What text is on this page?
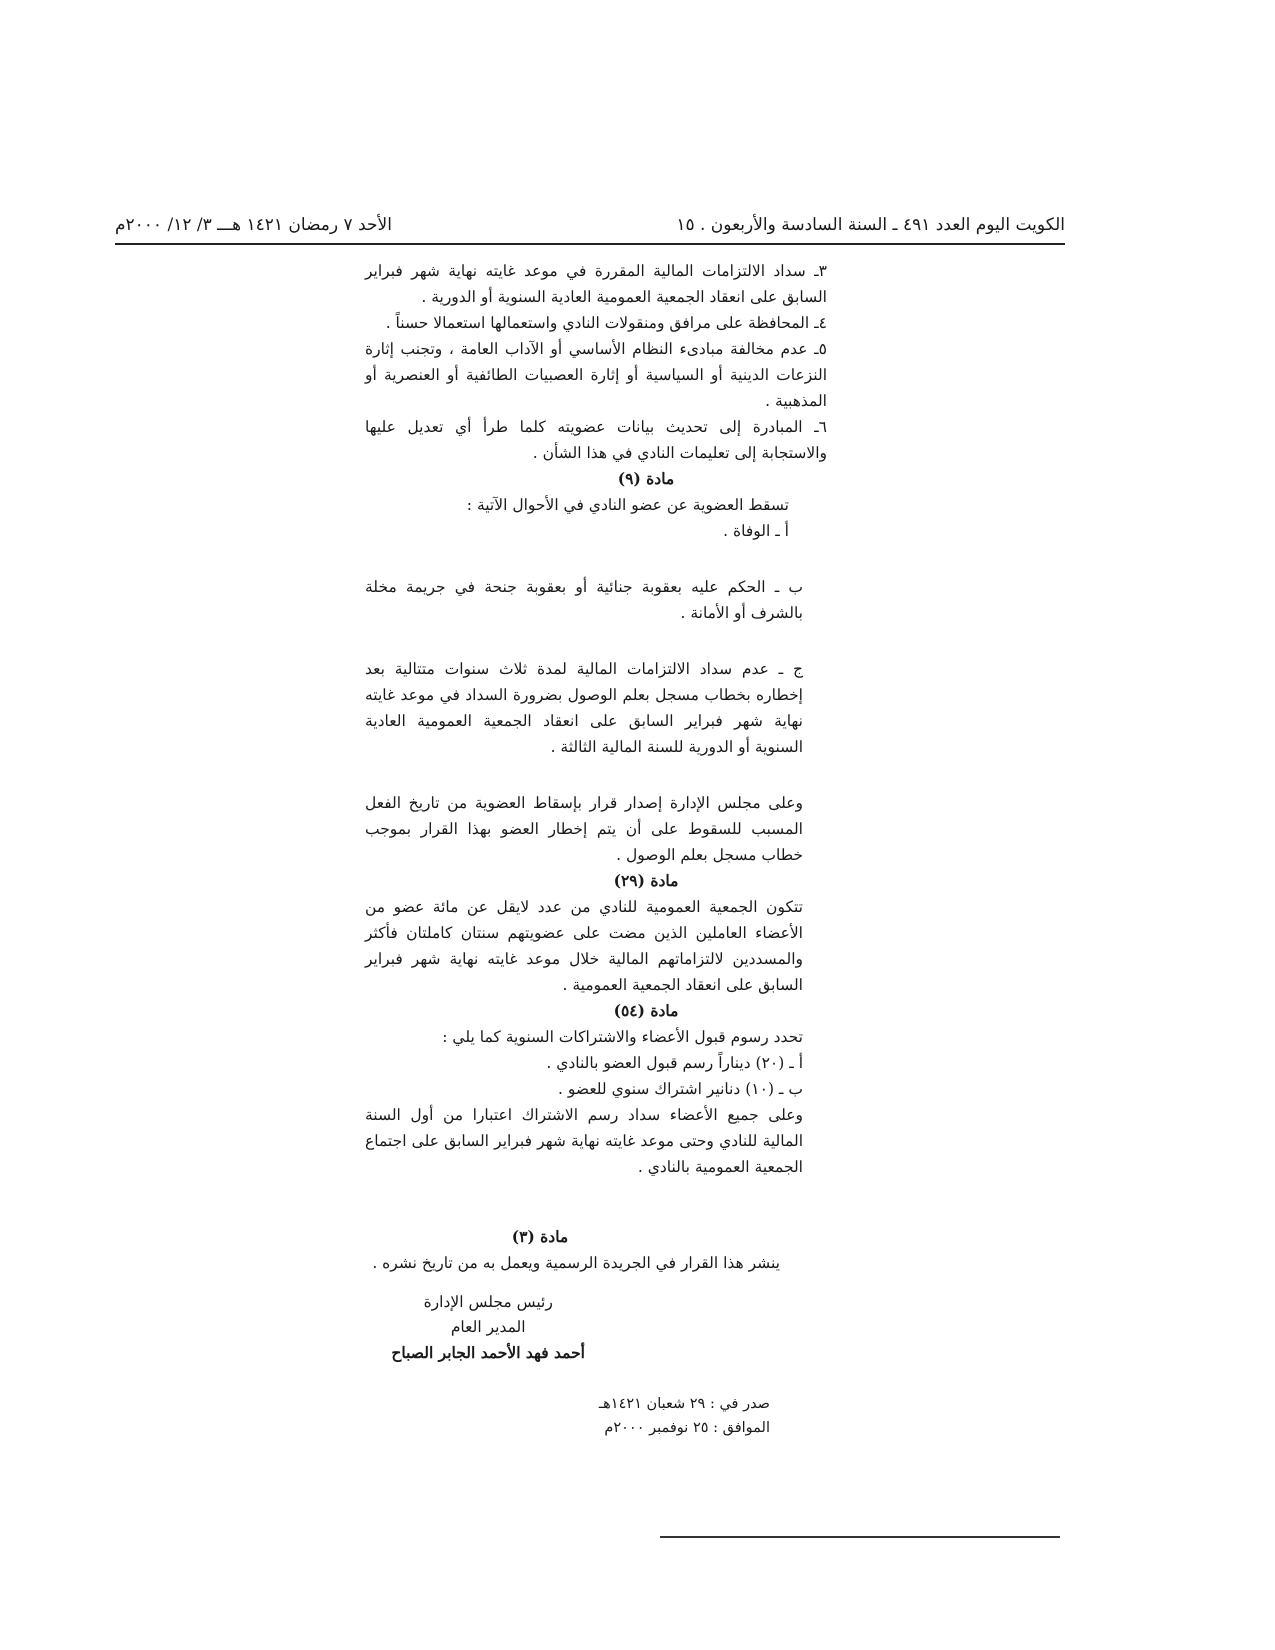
الكويت اليوم العدد ٤٩١ ـ السنة السادسة والأربعون . ١٥
الأحد ٧ رمضان ١٤٢١ هـــ ٣/ ١٢/ ٢٠٠٠م

٣ـ سداد الالتزامات المالية المقررة في موعد غايته نهاية شهر فبراير السابق على انعقاد الجمعية العمومية العادية السنوية أو الدورية .

٤ـ المحافظة على مرافق ومنقولات النادي واستعمالها استعمالا حسناً .

٥ـ عدم مخالفة مبادىء النظام الأساسي أو الآداب العامة ، وتجنب إثارة النزعات الدينية أو السياسية أو إثارة العصبيات الطائفية أو العنصرية أو المذهبية .

٦ـ المبادرة إلى تحديث بيانات عضويته كلما طرأ أي تعديل عليها والاستجابة إلى تعليمات النادي في هذا الشأن .

مادة (٩)

تسقط العضوية عن عضو النادي في الأحوال الآتية :

أ ـ الوفاة .

ب ـ الحكم عليه بعقوبة جنائية أو بعقوبة جنحة في جريمة مخلة بالشرف أو الأمانة .

ج ـ عدم سداد الالتزامات المالية لمدة ثلاث سنوات متتالية بعد إخطاره بخطاب مسجل بعلم الوصول بضرورة السداد في موعد غايته نهاية شهر فبراير السابق على انعقاد الجمعية العمومية العادية السنوية أو الدورية للسنة المالية الثالثة .

وعلى مجلس الإدارة إصدار قرار بإسقاط العضوية من تاريخ الفعل المسبب للسقوط على أن يتم إخطار العضو بهذا القرار بموجب خطاب مسجل بعلم الوصول .

مادة (٢٩)

تتكون الجمعية العمومية للنادي من عدد لايقل عن مائة عضو من الأعضاء العاملين الذين مضت على عضويتهم سنتان كاملتان فأكثر والمسددين لالتزاماتهم المالية خلال موعد غايته نهاية شهر فبراير السابق على انعقاد الجمعية العمومية .

مادة (٥٤)

تحدد رسوم قبول الأعضاء والاشتراكات السنوية كما يلي :

أ ـ (٢٠) ديناراً رسم قبول العضو بالنادي .

ب ـ (١٠) دنانير اشتراك سنوي للعضو .

وعلى جميع الأعضاء سداد رسم الاشتراك اعتبارا من أول السنة المالية للنادي وحتى موعد غايته نهاية شهر فبراير السابق على اجتماع الجمعية العمومية بالنادي .

مادة (٣)

ينشر هذا القرار في الجريدة الرسمية ويعمل به من تاريخ نشره .

رئيس مجلس الإدارة
المدير العام
أحمد فهد الأحمد الجابر الصباح
صدر في : ٢٩ شعبان ١٤٢١هـ
الموافق : ٢٥ نوفمبر ٢٠٠٠م
